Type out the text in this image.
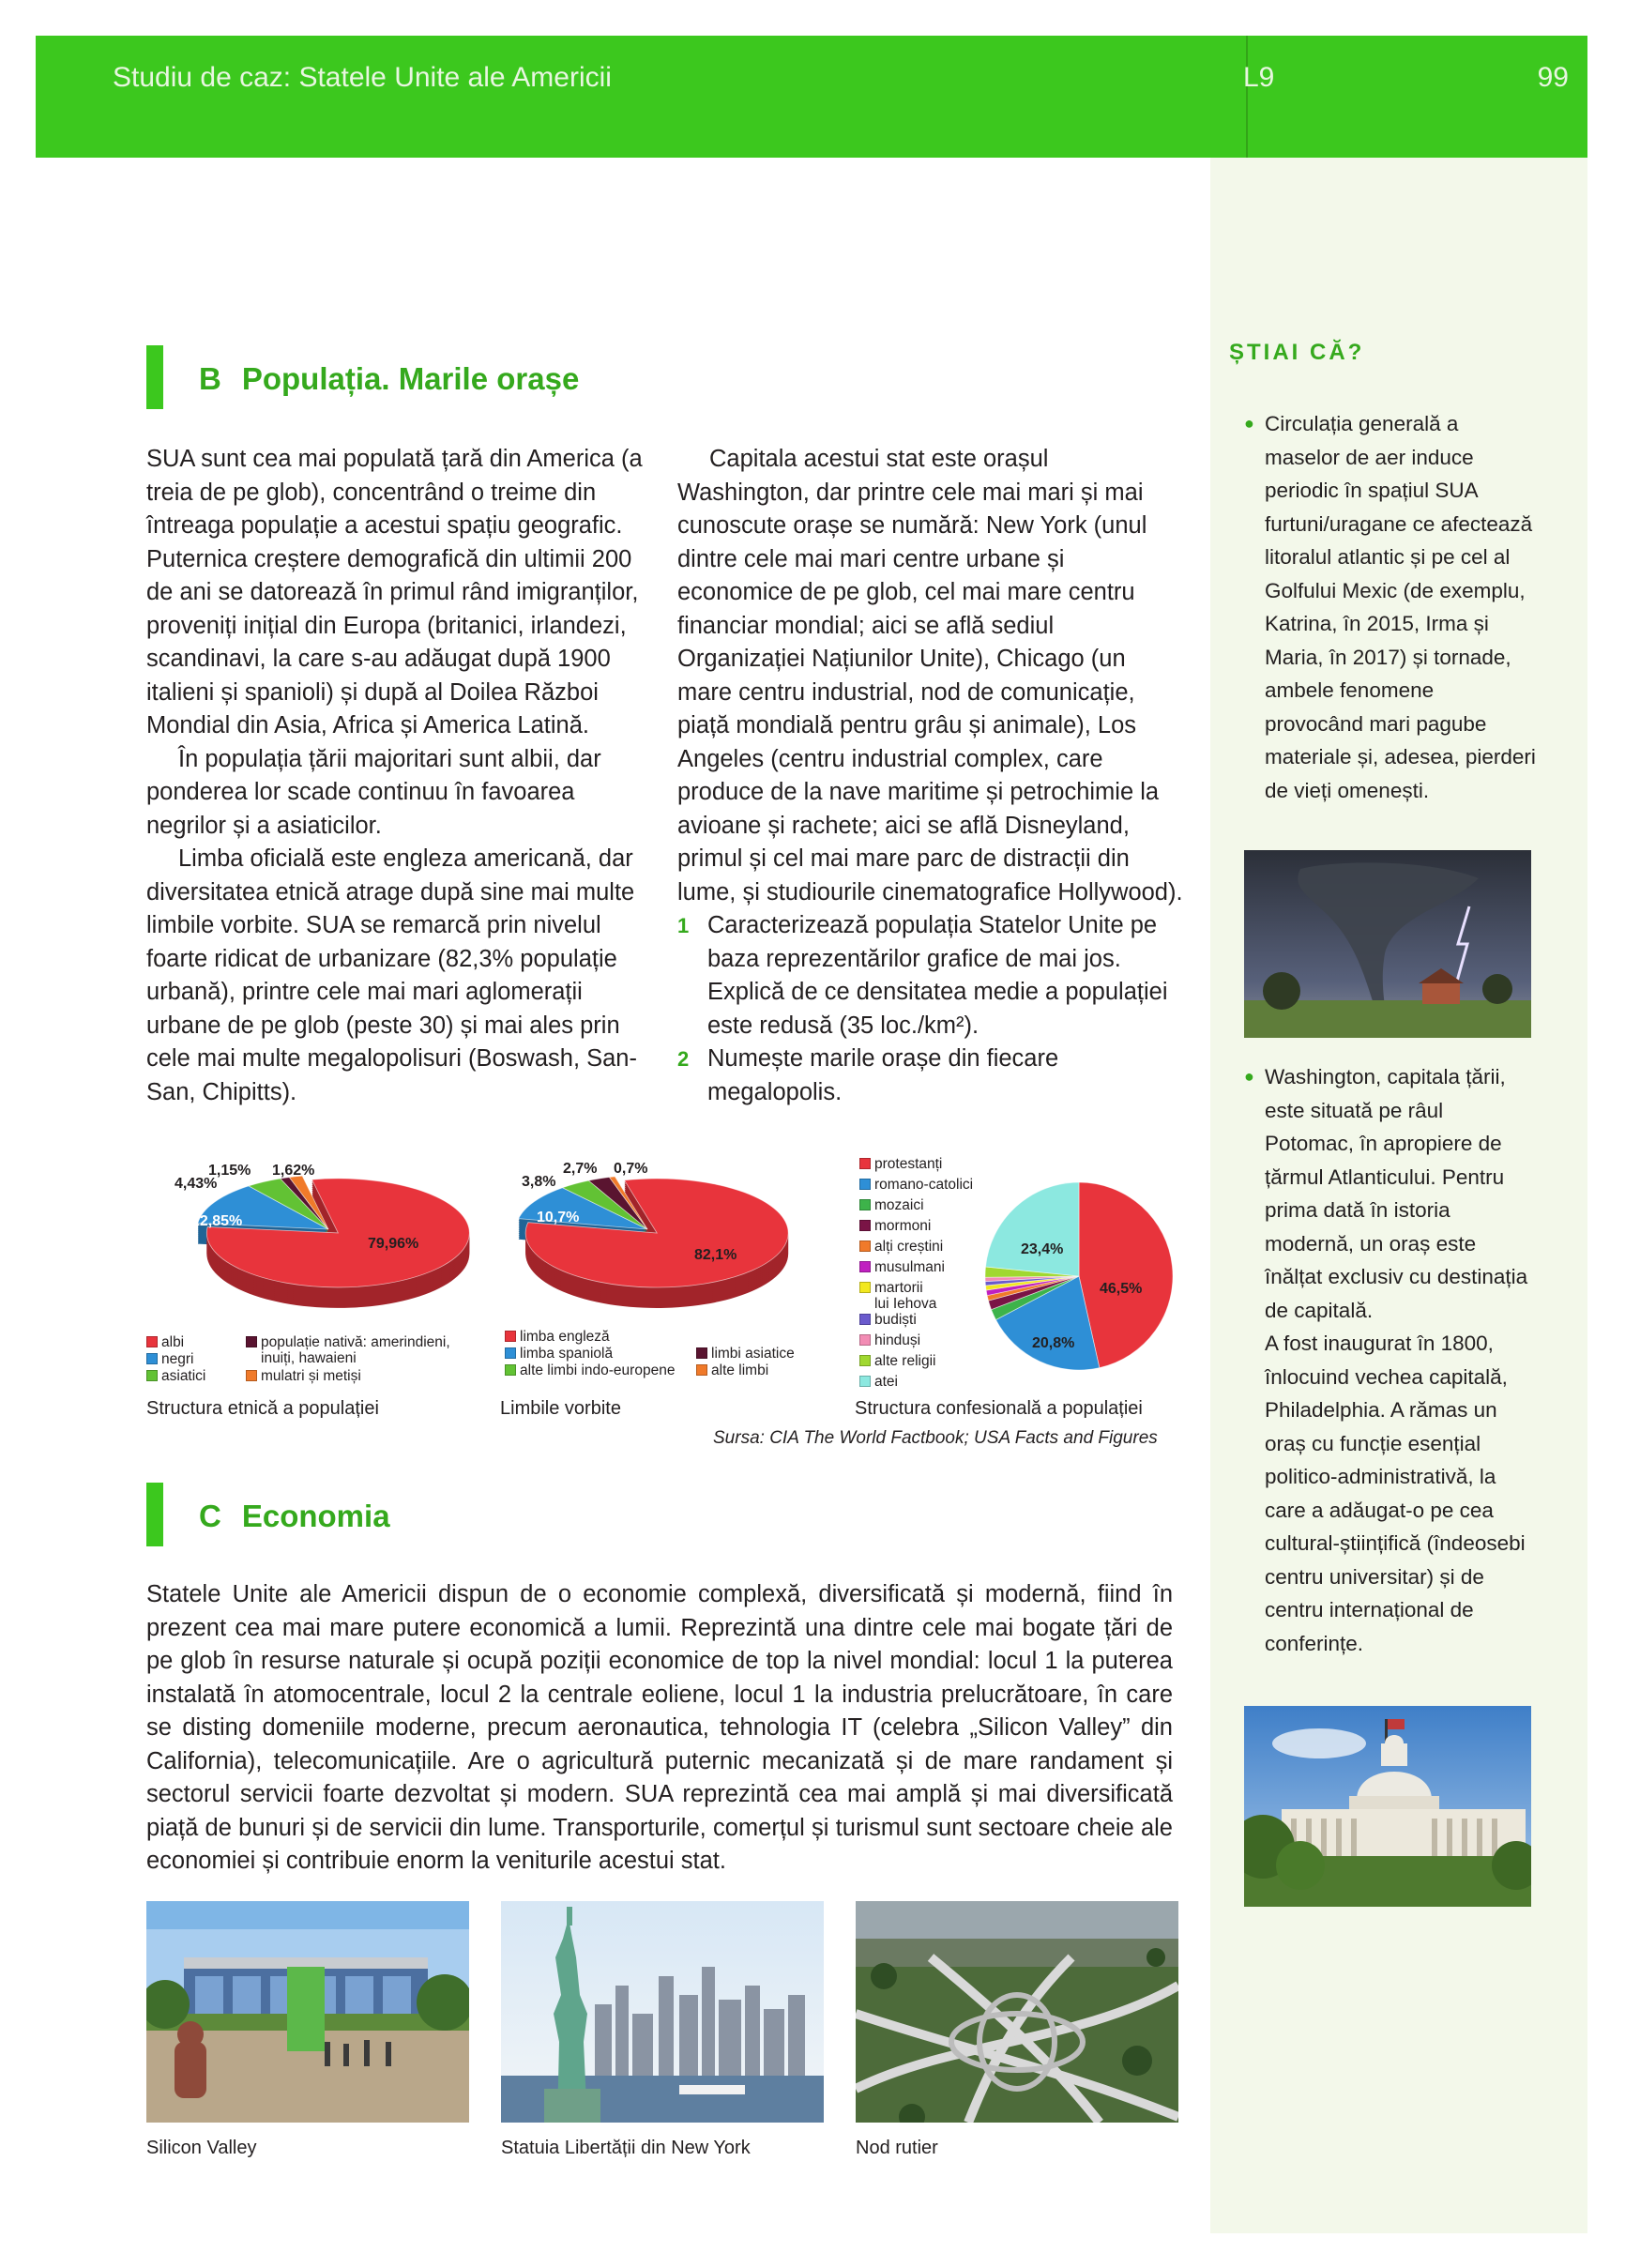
Studiu de caz: Statele Unite ale Americii	L9	99
B Populația. Marile orașe

SUA sunt cea mai populată țară din America (a treia de pe glob), concentrând o treime din întreaga populație a acestui spațiu geografic. Puternica creștere demografică din ultimii 200 de ani se datorează în primul rând imigranților, proveniți inițial din Europa (britanici, irlandezi, scandinavi, la care s-au adăugat după 1900 italieni și spanioli) și după al Doilea Război Mondial din Asia, Africa și America Latină.

În populația țării majoritari sunt albii, dar ponderea lor scade continuu în favoarea negrilor și a asiaticilor.

Limba oficială este engleza americană, dar diversitatea etnică atrage după sine mai multe limbile vorbite. SUA se remarcă prin nivelul foarte ridicat de urbanizare (82,3% populație urbană), printre cele mai mari aglomerații urbane de pe glob (peste 30) și mai ales prin cele mai multe megalopolisuri (Boswash, San-San, Chipitts).

Capitala acestui stat este orașul Washington, dar printre cele mai mari și mai cunoscute orașe se numără: New York (unul dintre cele mai mari centre urbane și economice de pe glob, cel mai mare centru financiar mondial; aici se află sediul Organizației Națiunilor Unite), Chicago (un mare centru industrial, nod de comunicație, piață mondială pentru grâu și animale), Los Angeles (centru industrial complex, care produce de la nave maritime și petrochimie la avioane și rachete; aici se află Disneyland, primul și cel mai mare parc de distracții din lume, și studiourile cinematografice Hollywood).

1 Caracterizează populația Statelor Unite pe baza reprezentărilor grafice de mai jos. Explică de ce densitatea medie a populației este redusă (35 loc./km²).
2 Numește marile orașe din fiecare megalopolis.
79,96%
12,85%
4,43%
1,15% 1,62%
82,1%
10,7%
3,8%
2,7% 0,7%
46,5%
20,8%
23,4%
albi
negri
asiatici
populație nativă: amerindieni, inuiți, hawaieni
mulatri și metiși
limba engleză
limba spaniolă
alte limbi indo-europene
limbi asiatice
alte limbi
protestanți
romano-catolici
mozaici
mormoni
alți creștini
musulmani
martorii lui Iehova
budiști
hinduși
alte religii
atei
Structura etnică a populației	Limbile vorbite	Structura confesională a populației
Sursa: CIA The World Factbook; USA Facts and Figures
C Economia

Statele Unite ale Americii dispun de o economie complexă, diversificată și modernă, fiind în prezent cea mai mare putere economică a lumii. Reprezintă una dintre cele mai bogate țări de pe glob în resurse naturale și ocupă poziții economice de top la nivel mondial: locul 1 la puterea instalată în atomocentrale, locul 2 la centrale eoliene, locul 1 la industria prelucrătoare, în care se disting domeniile moderne, precum aeronautica, tehnologia IT (celebra „Silicon Valley” din California), telecomunicațiile. Are o agricultură puternic mecanizată și de mare randament și sectorul servicii foarte dezvoltat și modern. SUA reprezintă cea mai amplă și mai diversificată piață de bunuri și de servicii din lume. Transporturile, comerțul și turismul sunt sectoare cheie ale economiei și contribuie enorm la veniturile acestui stat.

Silicon Valley	Statuia Libertății din New York	Nod rutier
ȘTIAI CĂ?
● Circulația generală a maselor de aer induce periodic în spațiul SUA furtuni/uragane ce afectează litoralul atlantic și pe cel al Golfului Mexic (de exemplu, Katrina, în 2015, Irma și Maria, în 2017) și tornade, ambele fenomene provocând mari pagube materiale și, adesea, pierderi de vieți omenești.
● Washington, capitala țării, este situată pe râul Potomac, în apropiere de țărmul Atlanticului. Pentru prima dată în istoria modernă, un oraș este înălțat exclusiv cu destinația de capitală.
A fost inaugurat în 1800, înlocuind vechea capitală, Philadelphia. A rămas un oraș cu funcție esențial politico-administrativă, la care a adăugat-o pe cea cultural-științifică (îndeosebi centru universitar) și de centru internațional de conferințe.
